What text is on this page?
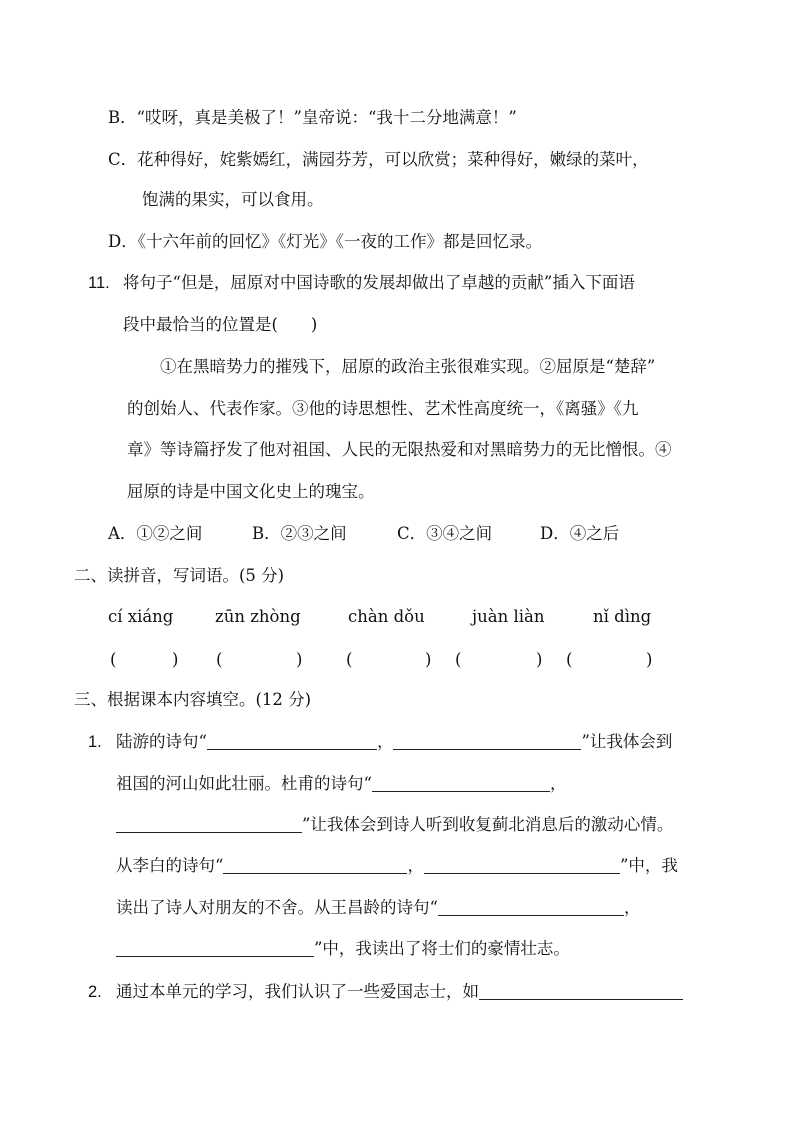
B．“哎呀，真是美极了！”皇帝说：“我十二分地满意！”
C．花种得好，姹紫嫣红，满园芬芳，可以欣赏；菜种得好，嫩绿的菜叶，
饱满的果实，可以食用。
D．《十六年前的回忆》《灯光》《一夜的工作》都是回忆录。
11. 将句子“但是，屈原对中国诗歌的发展却做出了卓越的贡献”插入下面语
段中最恰当的位置是(　　)
①在黑暗势力的摧残下，屈原的政治主张很难实现。②屈原是“楚辞”
的创始人、代表作家。③他的诗思想性、艺术性高度统一，《离骚》《九
章》等诗篇抒发了他对祖国、人民的无限热爱和对黑暗势力的无比憎恨。④
屈原的诗是中国文化史上的瑰宝。
A．①②之间	B．②③之间	C．③④之间	D．④之后
二、读拼音，写词语。(5 分)
cí xiáng	zūn zhòng	chàn dǒu	juàn liàn	nǐ dìng
(	) (	)	(	) (	) (	)
三、根据课本内容填空。(12 分)
1. 陆游的诗句“	，	”让我体会到
祖国的河山如此壮丽。杜甫的诗句“	，
”让我体会到诗人听到收复蓟北消息后的激动心情。
从李白的诗句“	，	”中，我
读出了诗人对朋友的不舍。从王昌龄的诗句“	，
”中，我读出了将士们的豪情壮志。
2. 通过本单元的学习，我们认识了一些爱国志士，如
